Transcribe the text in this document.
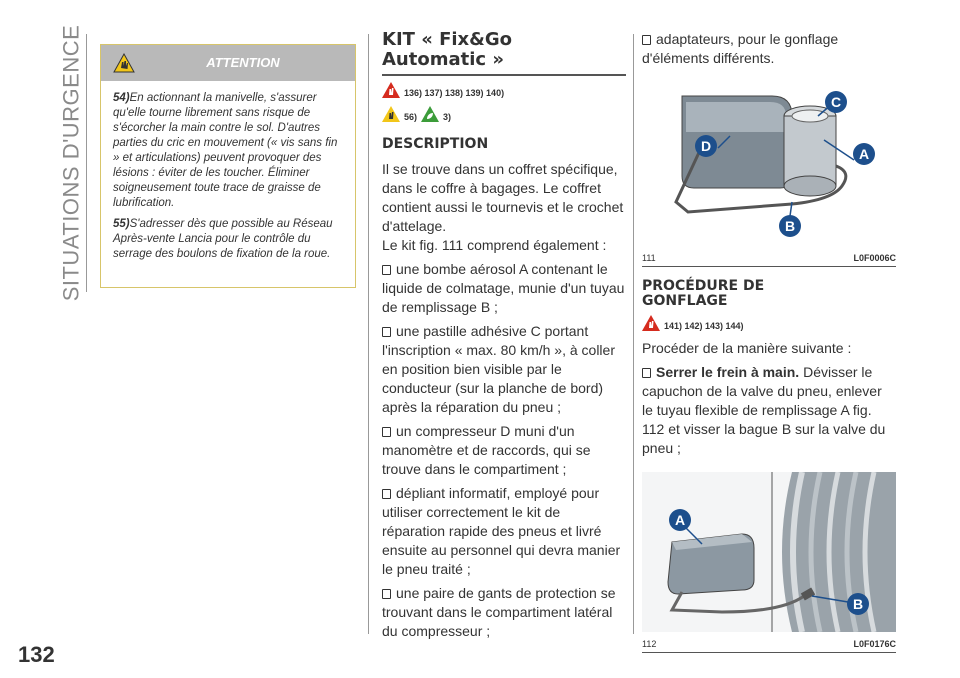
SITUATIONS D'URGENCE
132
ATTENTION

54)En actionnant la manivelle, s'assurer qu'elle tourne librement sans risque de s'écorcher la main contre le sol. D'autres parties du cric en mouvement (« vis sans fin » et articulations) peuvent provoquer des lésions : éviter de les toucher. Éliminer soigneusement toute trace de graisse de lubrification.

55)S'adresser dès que possible au Réseau Après-vente Lancia pour le contrôle du serrage des boulons de fixation de la roue.

KIT « Fix&Go
Automatic »
136) 137) 138) 139) 140)
56)	3)
DESCRIPTION
Il se trouve dans un coffret spécifique, dans le coffre à bagages. Le coffret contient aussi le tournevis et le crochet d'attelage.
Le kit fig. 111 comprend également :
une bombe aérosol A contenant le liquide de colmatage, munie d'un tuyau de remplissage B ;
une pastille adhésive C portant l'inscription « max. 80 km/h », à coller en position bien visible par le conducteur (sur la planche de bord) après la réparation du pneu ;
un compresseur D muni d'un manomètre et de raccords, qui se trouve dans le compartiment ;
dépliant informatif, employé pour utiliser correctement le kit de réparation rapide des pneus et livré ensuite au personnel qui devra manier le pneu traité ;
une paire de gants de protection se trouvant dans le compartiment latéral du compresseur ;
adaptateurs, pour le gonflage d'éléments différents.
C
D	A
B
111	L0F0006C
PROCÉDURE DE
GONFLAGE
141) 142) 143) 144)
Procéder de la manière suivante :
Serrer le frein à main. Dévisser le capuchon de la valve du pneu, enlever le tuyau flexible de remplissage A fig. 112 et visser la bague B sur la valve du pneu ;
A
B
112	L0F0176C
